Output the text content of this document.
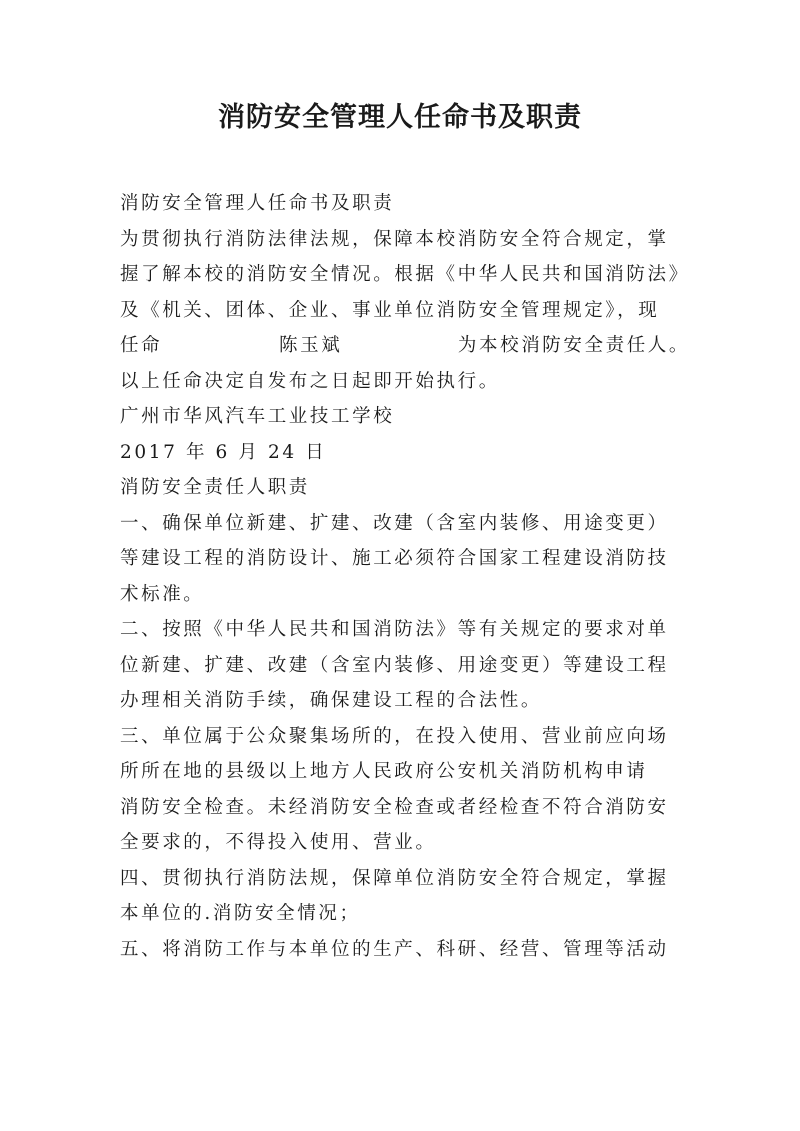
消防安全管理人任命书及职责
消防安全管理人任命书及职责
为贯彻执行消防法律法规，保障本校消防安全符合规定，掌
握了解本校的消防安全情况。根据《中华人民共和国消防法》
及《机关、团体、企业、事业单位消防安全管理规定》，现
任命	陈玉斌	为本校消防安全责任人。
以上任命决定自发布之日起即开始执行。
广州市华风汽车工业技工学校
2017 年 6 月 24 日
消防安全责任人职责
一、确保单位新建、扩建、改建（含室内装修、用途变更）
等建设工程的消防设计、施工必须符合国家工程建设消防技
术标准。
二、按照《中华人民共和国消防法》等有关规定的要求对单
位新建、扩建、改建（含室内装修、用途变更）等建设工程
办理相关消防手续，确保建设工程的合法性。
三、单位属于公众聚集场所的，在投入使用、营业前应向场
所所在地的县级以上地方人民政府公安机关消防机构申请
消防安全检查。未经消防安全检查或者经检查不符合消防安
全要求的，不得投入使用、营业。
四、贯彻执行消防法规，保障单位消防安全符合规定，掌握
本单位的.消防安全情况；
五、将消防工作与本单位的生产、科研、经营、管理等活动
